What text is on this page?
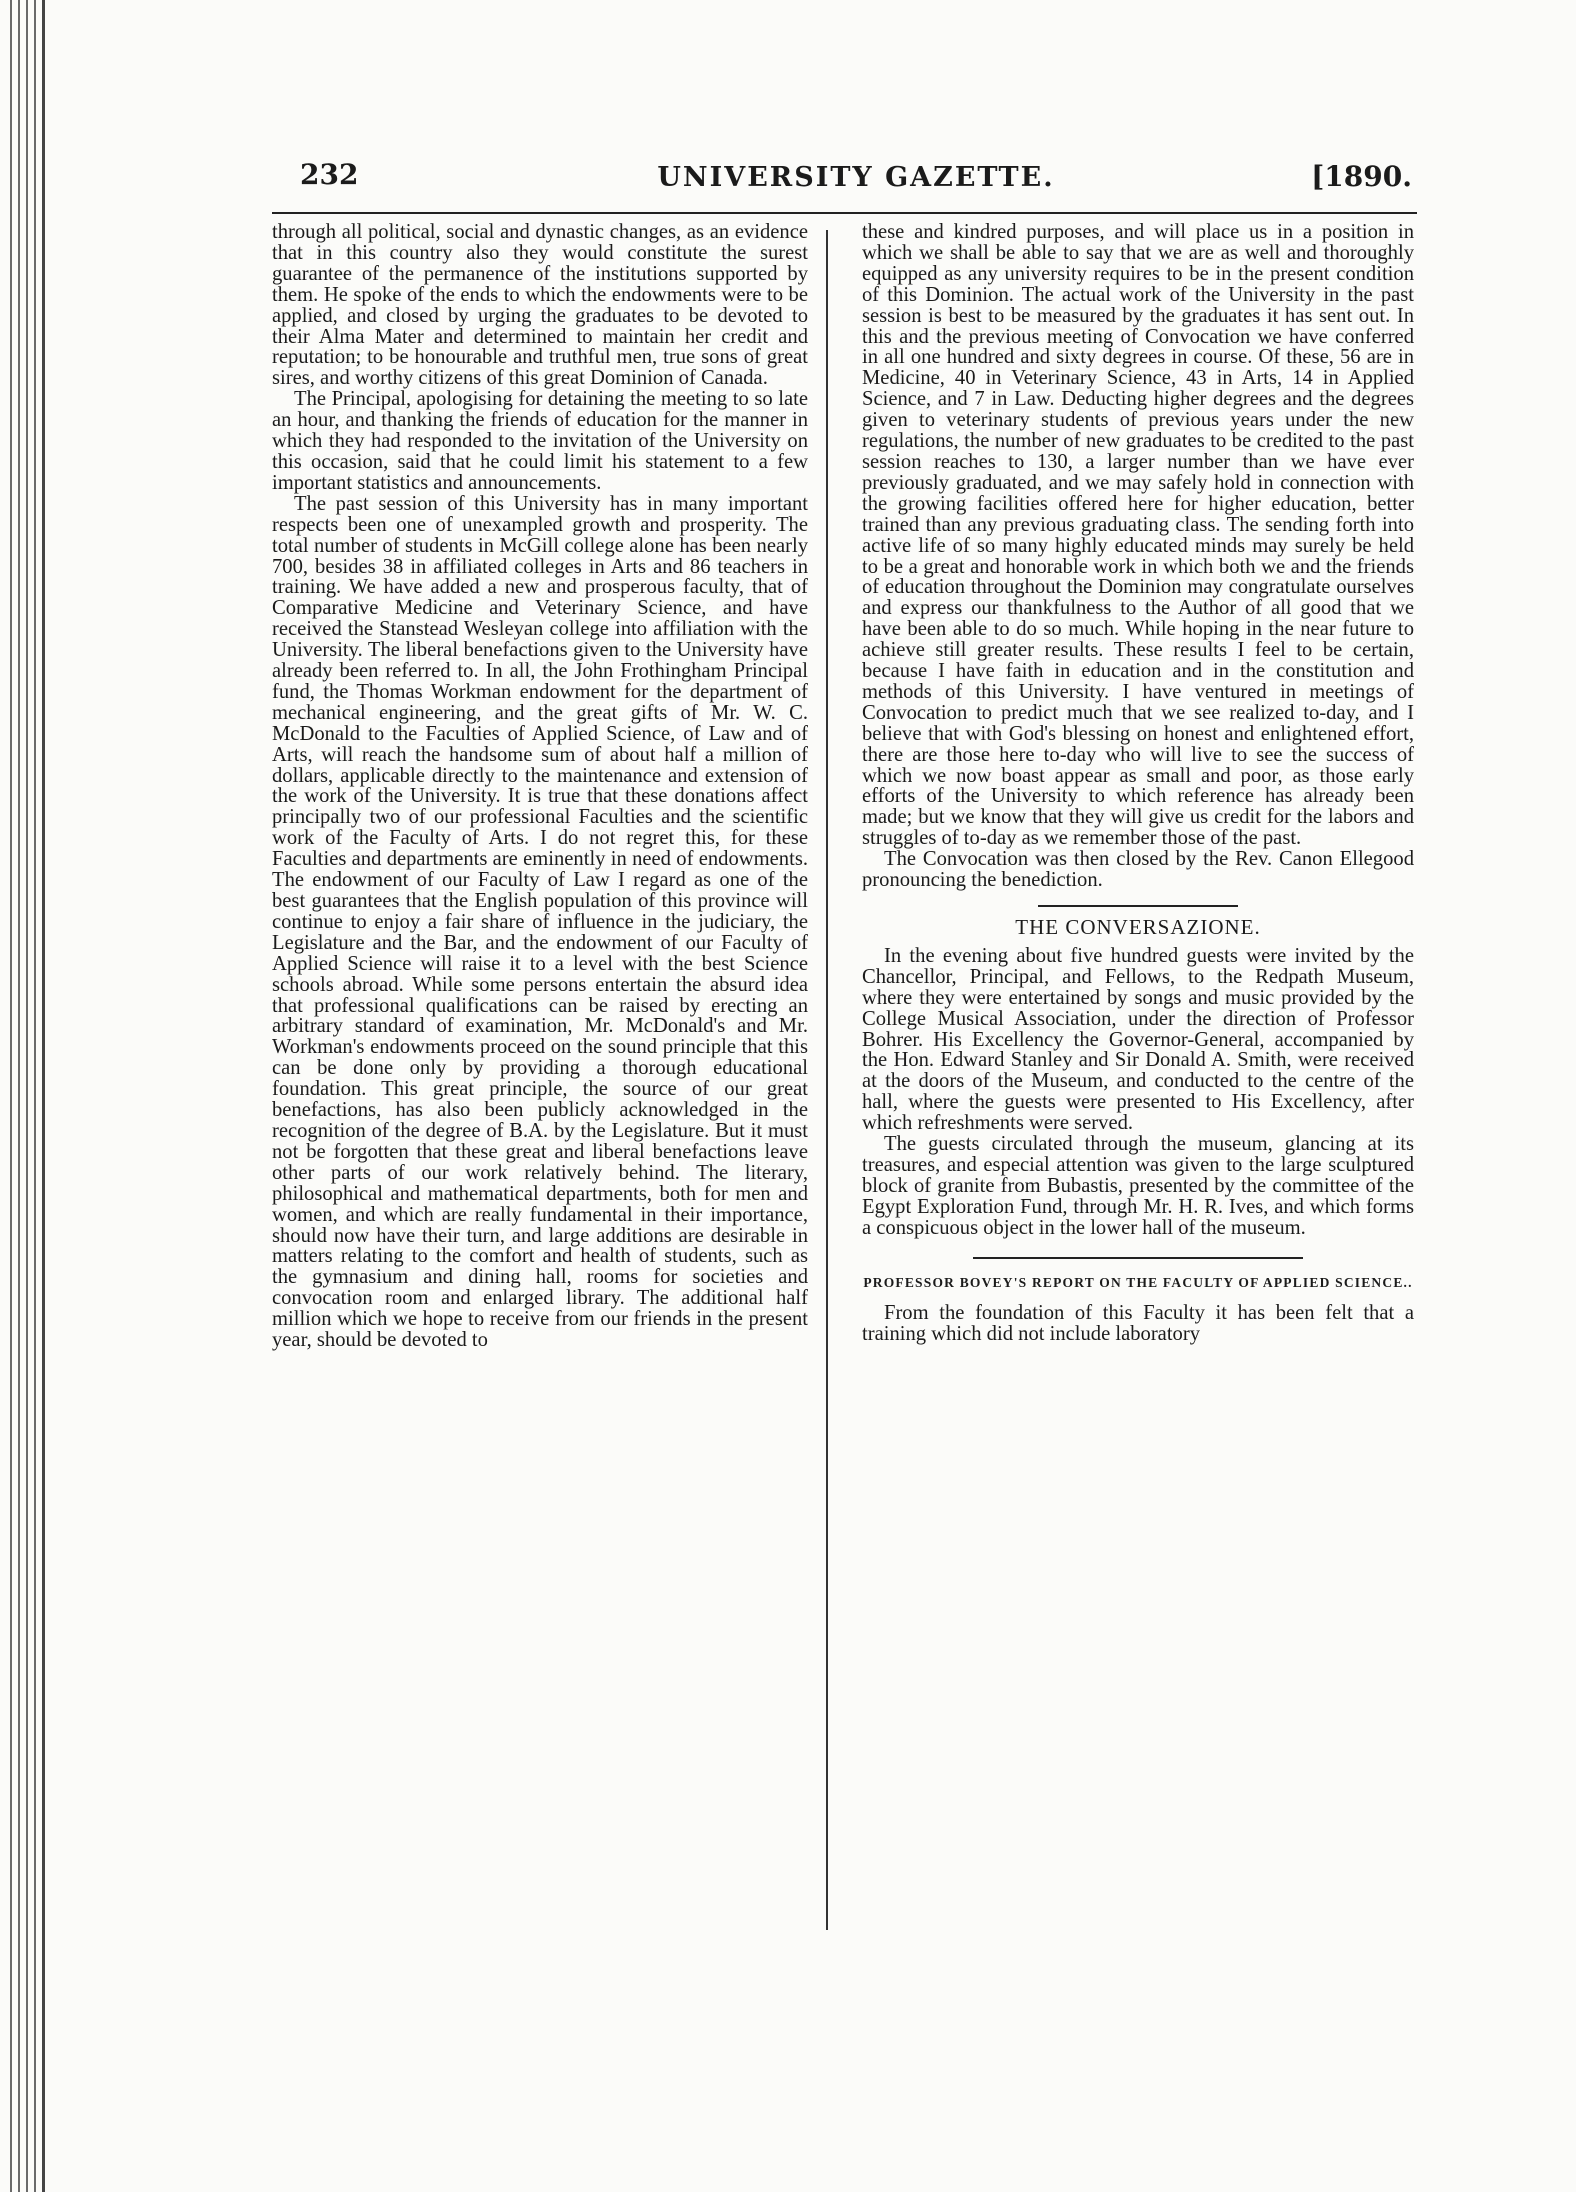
232	UNIVERSITY GAZETTE.	[1890.

through all political, social and dynastic changes, as an evidence that in this country also they would constitute the surest guarantee of the permanence of the institutions supported by them. He spoke of the ends to which the endowments were to be applied, and closed by urging the graduates to be devoted to their Alma Mater and determined to maintain her credit and reputation; to be honourable and truthful men, true sons of great sires, and worthy citizens of this great Dominion of Canada.

The Principal, apologising for detaining the meeting to so late an hour, and thanking the friends of education for the manner in which they had responded to the invitation of the University on this occasion, said that he could limit his statement to a few important statistics and announcements.

The past session of this University has in many important respects been one of unexampled growth and prosperity. The total number of students in McGill college alone has been nearly 700, besides 38 in affiliated colleges in Arts and 86 teachers in training. We have added a new and prosperous faculty, that of Comparative Medicine and Veterinary Science, and have received the Stanstead Wesleyan college into affiliation with the University. The liberal benefactions given to the University have already been referred to. In all, the John Frothingham Principal fund, the Thomas Workman endowment for the department of mechanical engineering, and the great gifts of Mr. W. C. McDonald to the Faculties of Applied Science, of Law and of Arts, will reach the handsome sum of about half a million of dollars, applicable directly to the maintenance and extension of the work of the University. It is true that these donations affect principally two of our professional Faculties and the scientific work of the Faculty of Arts. I do not regret this, for these Faculties and departments are eminently in need of endowments. The endowment of our Faculty of Law I regard as one of the best guarantees that the English population of this province will continue to enjoy a fair share of influence in the judiciary, the Legislature and the Bar, and the endowment of our Faculty of Applied Science will raise it to a level with the best Science schools abroad. While some persons entertain the absurd idea that professional qualifications can be raised by erecting an arbitrary standard of examination, Mr. McDonald's and Mr. Workman's endowments proceed on the sound principle that this can be done only by providing a thorough educational foundation. This great principle, the source of our great benefactions, has also been publicly acknowledged in the recognition of the degree of B.A. by the Legislature. But it must not be forgotten that these great and liberal benefactions leave other parts of our work relatively behind. The literary, philosophical and mathematical departments, both for men and women, and which are really fundamental in their importance, should now have their turn, and large additions are desirable in matters relating to the comfort and health of students, such as the gymnasium and dining hall, rooms for societies and convocation room and enlarged library. The additional half million which we hope to receive from our friends in the present year, should be devoted to

these and kindred purposes, and will place us in a position in which we shall be able to say that we are as well and thoroughly equipped as any university requires to be in the present condition of this Dominion. The actual work of the University in the past session is best to be measured by the graduates it has sent out. In this and the previous meeting of Convocation we have conferred in all one hundred and sixty degrees in course. Of these, 56 are in Medicine, 40 in Veterinary Science, 43 in Arts, 14 in Applied Science, and 7 in Law. Deducting higher degrees and the degrees given to veterinary students of previous years under the new regulations, the number of new graduates to be credited to the past session reaches to 130, a larger number than we have ever previously graduated, and we may safely hold in connection with the growing facilities offered here for higher education, better trained than any previous graduating class. The sending forth into active life of so many highly educated minds may surely be held to be a great and honorable work in which both we and the friends of education throughout the Dominion may congratulate ourselves and express our thankfulness to the Author of all good that we have been able to do so much. While hoping in the near future to achieve still greater results. These results I feel to be certain, because I have faith in education and in the constitution and methods of this University. I have ventured in meetings of Convocation to predict much that we see realized to-day, and I believe that with God's blessing on honest and enlightened effort, there are those here to-day who will live to see the success of which we now boast appear as small and poor, as those early efforts of the University to which reference has already been made; but we know that they will give us credit for the labors and struggles of to-day as we remember those of the past.

The Convocation was then closed by the Rev. Canon Ellegood pronouncing the benediction.

THE CONVERSAZIONE.

In the evening about five hundred guests were invited by the Chancellor, Principal, and Fellows, to the Redpath Museum, where they were entertained by songs and music provided by the College Musical Association, under the direction of Professor Bohrer. His Excellency the Governor-General, accompanied by the Hon. Edward Stanley and Sir Donald A. Smith, were received at the doors of the Museum, and conducted to the centre of the hall, where the guests were presented to His Excellency, after which refreshments were served.

The guests circulated through the museum, glancing at its treasures, and especial attention was given to the large sculptured block of granite from Bubastis, presented by the committee of the Egypt Exploration Fund, through Mr. H. R. Ives, and which forms a conspicuous object in the lower hall of the museum.

PROFESSOR BOVEY'S REPORT ON THE FACULTY OF APPLIED SCIENCE..

From the foundation of this Faculty it has been felt that a training which did not include laboratory
